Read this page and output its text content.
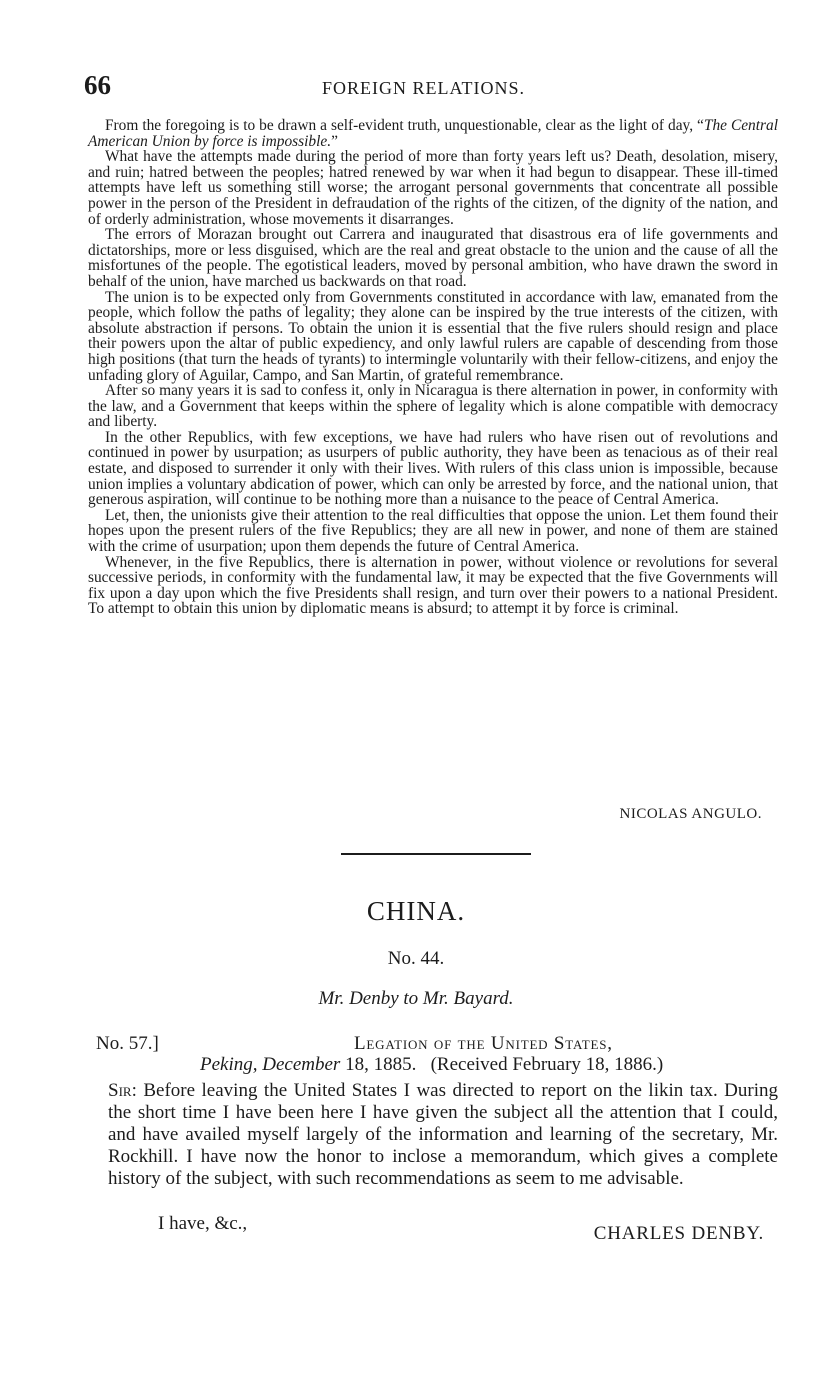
66	FOREIGN RELATIONS.

From the foregoing is to be drawn a self-evident truth, unquestionable, clear as the light of day, “The Central American Union by force is impossible.”

What have the attempts made during the period of more than forty years left us? Death, desolation, misery, and ruin; hatred between the peoples; hatred renewed by war when it had begun to disappear. These ill-timed attempts have left us something still worse; the arrogant personal governments that concentrate all possible power in the person of the President in defraudation of the rights of the citizen, of the dignity of the nation, and of orderly administration, whose movements it disarranges.

The errors of Morazan brought out Carrera and inaugurated that disastrous era of life governments and dictatorships, more or less disguised, which are the real and great obstacle to the union and the cause of all the misfortunes of the people. The egotistical leaders, moved by personal ambition, who have drawn the sword in behalf of the union, have marched us backwards on that road.

The union is to be expected only from Governments constituted in accordance with law, emanated from the people, which follow the paths of legality; they alone can be inspired by the true interests of the citizen, with absolute abstraction if persons. To obtain the union it is essential that the five rulers should resign and place their powers upon the altar of public expediency, and only lawful rulers are capable of descending from those high positions (that turn the heads of tyrants) to intermingle voluntarily with their fellow-citizens, and enjoy the unfading glory of Aguilar, Campo, and San Martin, of grateful remembrance.

After so many years it is sad to confess it, only in Nicaragua is there alternation in power, in conformity with the law, and a Government that keeps within the sphere of legality which is alone compatible with democracy and liberty.

In the other Republics, with few exceptions, we have had rulers who have risen out of revolutions and continued in power by usurpation; as usurpers of public authority, they have been as tenacious as of their real estate, and disposed to surrender it only with their lives. With rulers of this class union is impossible, because union implies a voluntary abdication of power, which can only be arrested by force, and the national union, that generous aspiration, will continue to be nothing more than a nuisance to the peace of Central America.

Let, then, the unionists give their attention to the real difficulties that oppose the union. Let them found their hopes upon the present rulers of the five Republics; they are all new in power, and none of them are stained with the crime of usurpation; upon them depends the future of Central America.

Whenever, in the five Republics, there is alternation in power, without violence or revolutions for several successive periods, in conformity with the fundamental law, it may be expected that the five Governments will fix upon a day upon which the five Presidents shall resign, and turn over their powers to a national President. To attempt to obtain this union by diplomatic means is absurd; to attempt it by force is criminal.

NICOLAS ANGULO.
CHINA.
No. 44.
Mr. Denby to Mr. Bayard.
No. 57.]	Legation of the United States,
Peking, December 18, 1885. (Received February 18, 1886.)

Sir: Before leaving the United States I was directed to report on the likin tax. During the short time I have been here I have given the subject all the attention that I could, and have availed myself largely of the information and learning of the secretary, Mr. Rockhill. I have now the honor to inclose a memorandum, which gives a complete history of the subject, with such recommendations as seem to me advisable.

I have, &c.,	CHARLES DENBY.
